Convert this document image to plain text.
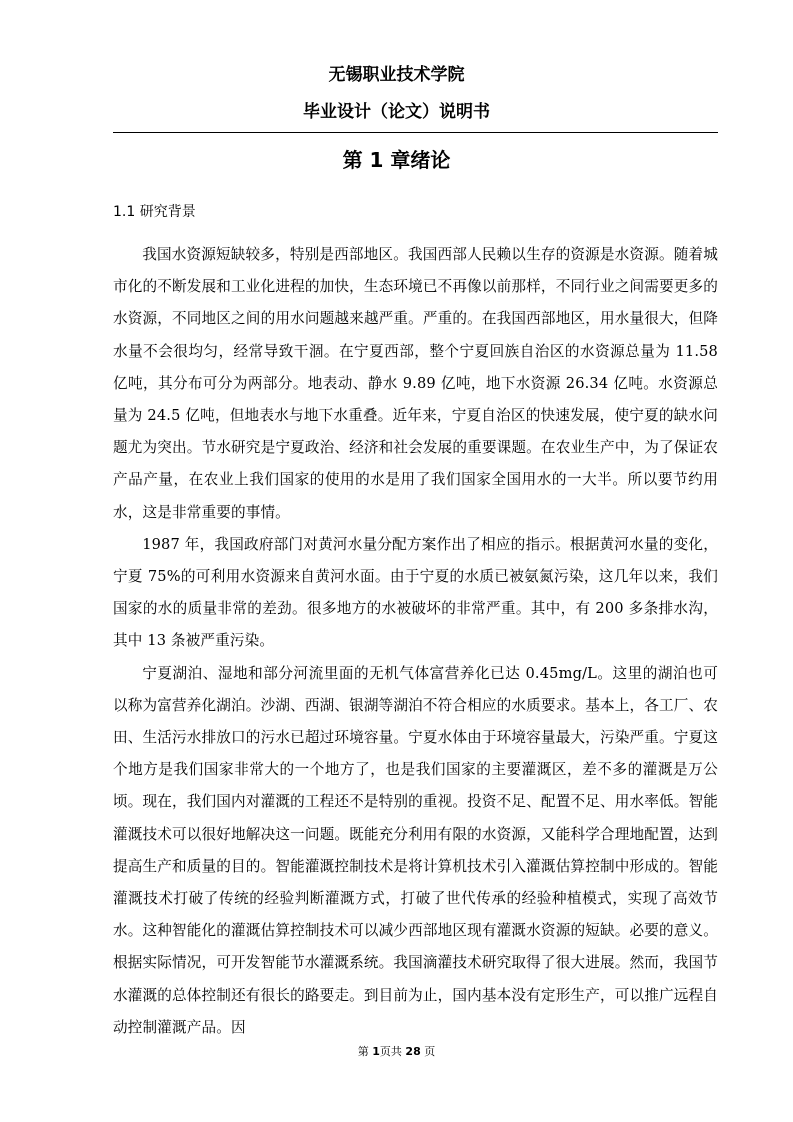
无锡职业技术学院
毕业设计（论文）说明书
第 1 章绪论
1.1 研究背景

我国水资源短缺较多，特别是西部地区。我国西部人民赖以生存的资源是水资源。随着城市化的不断发展和工业化进程的加快，生态环境已不再像以前那样，不同行业之间需要更多的水资源，不同地区之间的用水问题越来越严重。严重的。在我国西部地区，用水量很大，但降水量不会很均匀，经常导致干涸。在宁夏西部，整个宁夏回族自治区的水资源总量为 11.58 亿吨，其分布可分为两部分。地表动、静水 9.89 亿吨，地下水资源 26.34 亿吨。水资源总量为 24.5 亿吨，但地表水与地下水重叠。近年来，宁夏自治区的快速发展，使宁夏的缺水问题尤为突出。节水研究是宁夏政治、经济和社会发展的重要课题。在农业生产中，为了保证农产品产量，在农业上我们国家的使用的水是用了我们国家全国用水的一大半。所以要节约用水，这是非常重要的事情。

1987 年，我国政府部门对黄河水量分配方案作出了相应的指示。根据黄河水量的变化，宁夏 75%的可利用水资源来自黄河水面。由于宁夏的水质已被氨氮污染，这几年以来，我们国家的水的质量非常的差劲。很多地方的水被破坏的非常严重。其中，有 200 多条排水沟，其中 13 条被严重污染。

宁夏湖泊、湿地和部分河流里面的无机气体富营养化已达 0.45mg/L。这里的湖泊也可以称为富营养化湖泊。沙湖、西湖、银湖等湖泊不符合相应的水质要求。基本上，各工厂、农田、生活污水排放口的污水已超过环境容量。宁夏水体由于环境容量最大，污染严重。宁夏这个地方是我们国家非常大的一个地方了，也是我们国家的主要灌溉区，差不多的灌溉是万公顷。现在，我们国内对灌溉的工程还不是特别的重视。投资不足、配置不足、用水率低。智能灌溉技术可以很好地解决这一问题。既能充分利用有限的水资源，又能科学合理地配置，达到提高生产和质量的目的。智能灌溉控制技术是将计算机技术引入灌溉估算控制中形成的。智能灌溉技术打破了传统的经验判断灌溉方式，打破了世代传承的经验种植模式，实现了高效节水。这种智能化的灌溉估算控制技术可以减少西部地区现有灌溉水资源的短缺。必要的意义。根据实际情况，可开发智能节水灌溉系统。我国滴灌技术研究取得了很大进展。然而，我国节水灌溉的总体控制还有很长的路要走。到目前为止，国内基本没有定形生产，可以推广远程自动控制灌溉产品。因

第 1页共 28 页
